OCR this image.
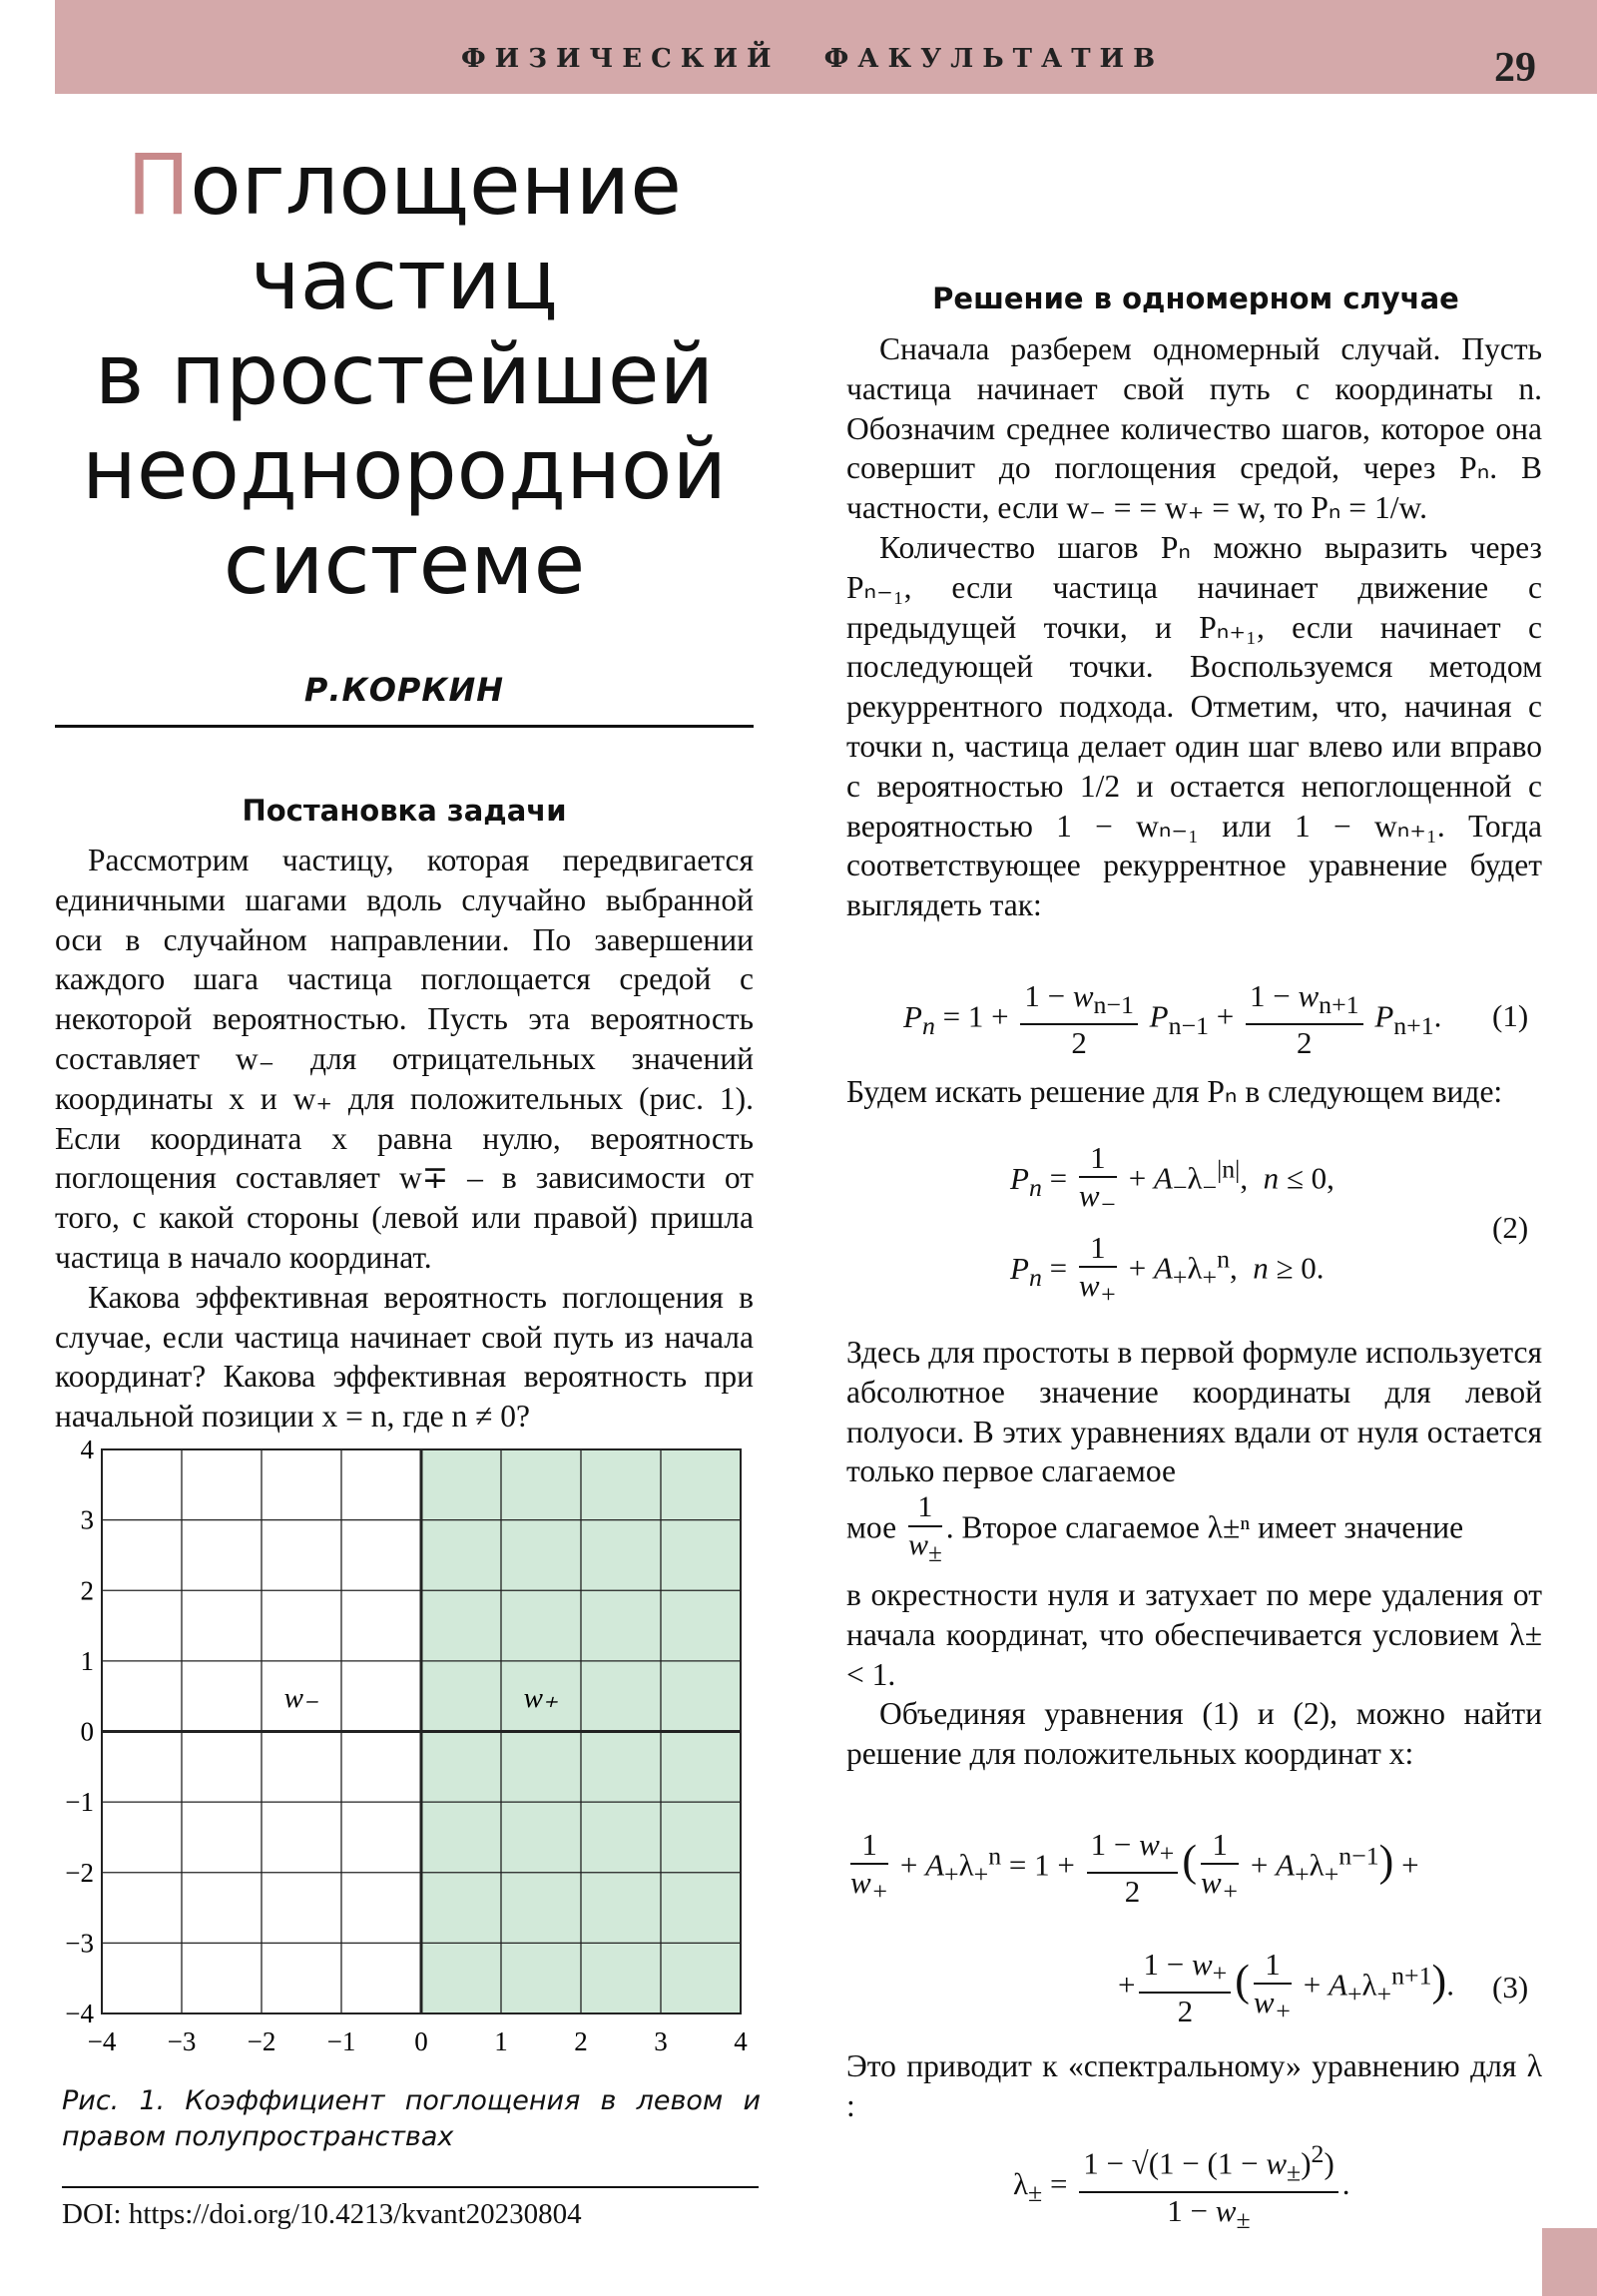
ФИЗИЧЕСКИЙ ФАКУЛЬТАТИВ	29
Поглощение
частиц
в простейшей
неоднородной
системе
Р.КОРКИН
Постановка задачи

Рассмотрим частицу, которая передвигается единичными шагами вдоль случайно выбранной оси в случайном направлении. По завершении каждого шага частица поглощается средой с некоторой вероятностью. Пусть эта вероятность составляет w₋ для отрицательных значений координаты x и w₊ для положительных (рис. 1). Если координата x равна нулю, вероятность поглощения составляет w∓ – в зависимости от того, с какой стороны (левой или правой) пришла частица в начало координат.

Какова эффективная вероятность поглощения в случае, если частица начинает свой путь из начала координат? Какова эффективная вероятность при начальной позиции x = n, где n ≠ 0?

−4 −3 −2 −1 0 1 2 3 4
4
3
2
1
0
−1
−2
−3
−4
w₋	w₊
Рис. 1. Коэффициент поглощения в левом и правом полупространствах
DOI: https://doi.org/10.4213/kvant20230804
Решение в одномерном случае

Сначала разберем одномерный случай. Пусть частица начинает свой путь с координаты n. Обозначим среднее количество шагов, которое она совершит до поглощения средой, через Pₙ. В частности, если w₋ = = w₊ = w, то Pₙ = 1/w.

Количество шагов Pₙ можно выразить через Pₙ₋₁, если частица начинает движение с предыдущей точки, и Pₙ₊₁, если начинает с последующей точки. Воспользуемся методом рекуррентного подхода. Отметим, что, начиная с точки n, частица делает один шаг влево или вправо с вероятностью 1/2 и остается непоглощенной с вероятностью 1 − wₙ₋₁ или 1 − wₙ₊₁. Тогда соответствующее рекуррентное уравнение будет выглядеть так:

$P_n = 1 + \frac{1 - w_{n-1}}{2} P_{n-1} + \frac{1 - w_{n+1}}{2} P_{n+1}$. (1)

Будем искать решение для Pₙ в следующем виде:

$P_n = \frac{1}{w_-} + A_-\lambda_-^{|n|}$,  n ≤ 0,
$P_n = \frac{1}{w_+} + A_+\lambda_+^n$,  n ≥ 0.
(2)

Здесь для простоты в первой формуле используется абсолютное значение координаты для левой полуоси. В этих уравнениях вдали от нуля остается только первое слагаемое

мое $\frac{1}{w_\pm}$ . Второе слагаемое λ±ⁿ имеет значение

в окрестности нуля и затухает по мере удаления от начала координат, что обеспечивается условием λ± < 1.

Объединяя уравнения (1) и (2), можно найти решение для положительных координат x:

$\frac{1}{w_+} + A_+\lambda_+^n = 1 + \frac{1 - w_+}{2}$ ( $\frac{1}{w_+} + A_+\lambda_+^{n-1}$) +
+ $\frac{1 - w_+}{2}$ ( $\frac{1}{w_+} + A_+\lambda_+^{n+1}$). (3)

Это приводит к «спектральному» уравнению для λ :

$\lambda_\pm = \frac{1 - √(1 - (1 - w_\pm)^2)}{1 - w_\pm}$ .
